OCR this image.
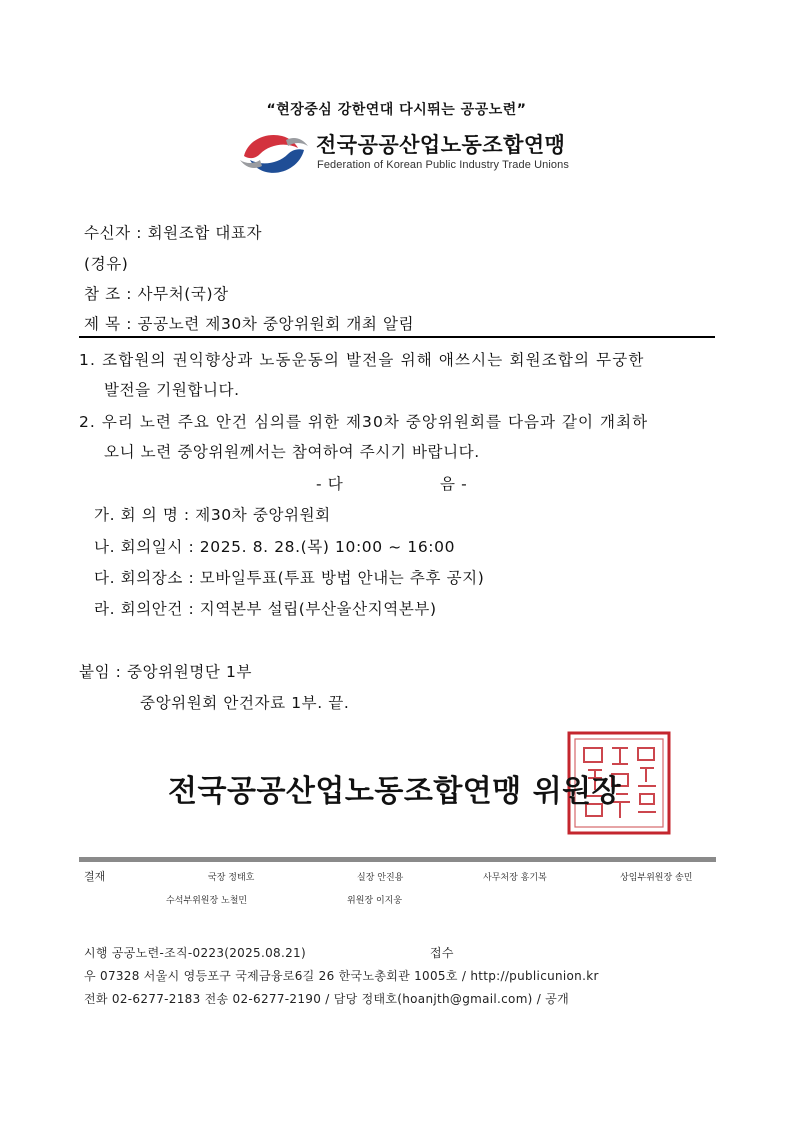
“현장중심 강한연대 다시뛰는 공공노련”
전국공공산업노동조합연맹
Federation of Korean Public Industry Trade Unions
수신자 : 회원조합 대표자
(경유)
참 조 : 사무처(국)장
제 목 : 공공노련 제30차 중앙위원회 개최 알림
1. 조합원의 권익향상과 노동운동의 발전을 위해 애쓰시는 회원조합의 무궁한
발전을 기원합니다.
2. 우리 노련 주요 안건 심의를 위한 제30차 중앙위원회를 다음과 같이 개최하
오니 노련 중앙위원께서는 참여하여 주시기 바랍니다.
- 다	음 -
가. 회 의 명 : 제30차 중앙위원회
나. 회의일시 : 2025. 8. 28.(목) 10:00 ~ 16:00
다. 회의장소 : 모바일투표(투표 방법 안내는 추후 공지)
라. 회의안건 : 지역본부 설립(부산울산지역본부)
붙임 : 중앙위원명단 1부
중앙위원회 안건자료 1부. 끝.
전국공공산업노동조합연맹 위원장
결재	국장 정태호	실장 안진용	사무처장 홍기복	상임부위원장 송민
수석부위원장 노철민	위원장 이지웅
시행 공공노련-조직-0223(2025.08.21)	접수
우 07328 서울시 영등포구 국제금융로6길 26 한국노총회관 1005호 / http://publicunion.kr
전화 02-6277-2183 전송 02-6277-2190 / 담당 정태호(hoanjth@gmail.com) / 공개
